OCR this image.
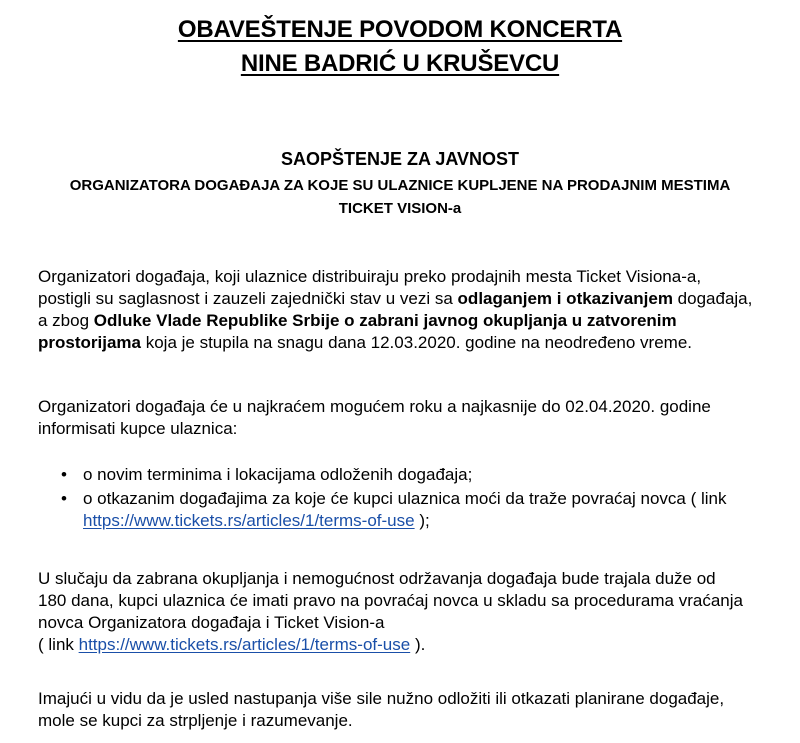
OBAVEŠTENJE POVODOM KONCERTA
NINE BADRIĆ U KRUŠEVCU
SAOPŠTENJE ZA JAVNOST
ORGANIZATORA DOGAĐAJA ZA KOJE SU ULAZNICE KUPLJENE NA PRODAJNIM MESTIMA
TICKET VISION-a
Organizatori događaja, koji ulaznice distribuiraju preko prodajnih mesta Ticket Visiona-a,
postigli su saglasnost i zauzeli zajednički stav u vezi sa odlaganjem i otkazivanjem događaja,
a zbog Odluke Vlade Republike Srbije o zabrani javnog okupljanja u zatvorenim
prostorijama koja je stupila na snagu dana 12.03.2020. godine na neodređeno vreme.
Organizatori događaja će u najkraćem mogućem roku a najkasnije do 02.04.2020. godine
informisati kupce ulaznica:
• o novim terminima i lokacijama odloženih događaja;
• o otkazanim događajima za koje će kupci ulaznica moći da traže povraćaj novca ( link
https://www.tickets.rs/articles/1/terms-of-use );
U slučaju da zabrana okupljanja i nemogućnost održavanja događaja bude trajala duže od
180 dana, kupci ulaznica će imati pravo na povraćaj novca u skladu sa procedurama vraćanja
novca Organizatora događaja i Ticket Vision-a
( link https://www.tickets.rs/articles/1/terms-of-use ).
Imajući u vidu da je usled nastupanja više sile nužno odložiti ili otkazati planirane događaje,
mole se kupci za strpljenje i razumevanje.
